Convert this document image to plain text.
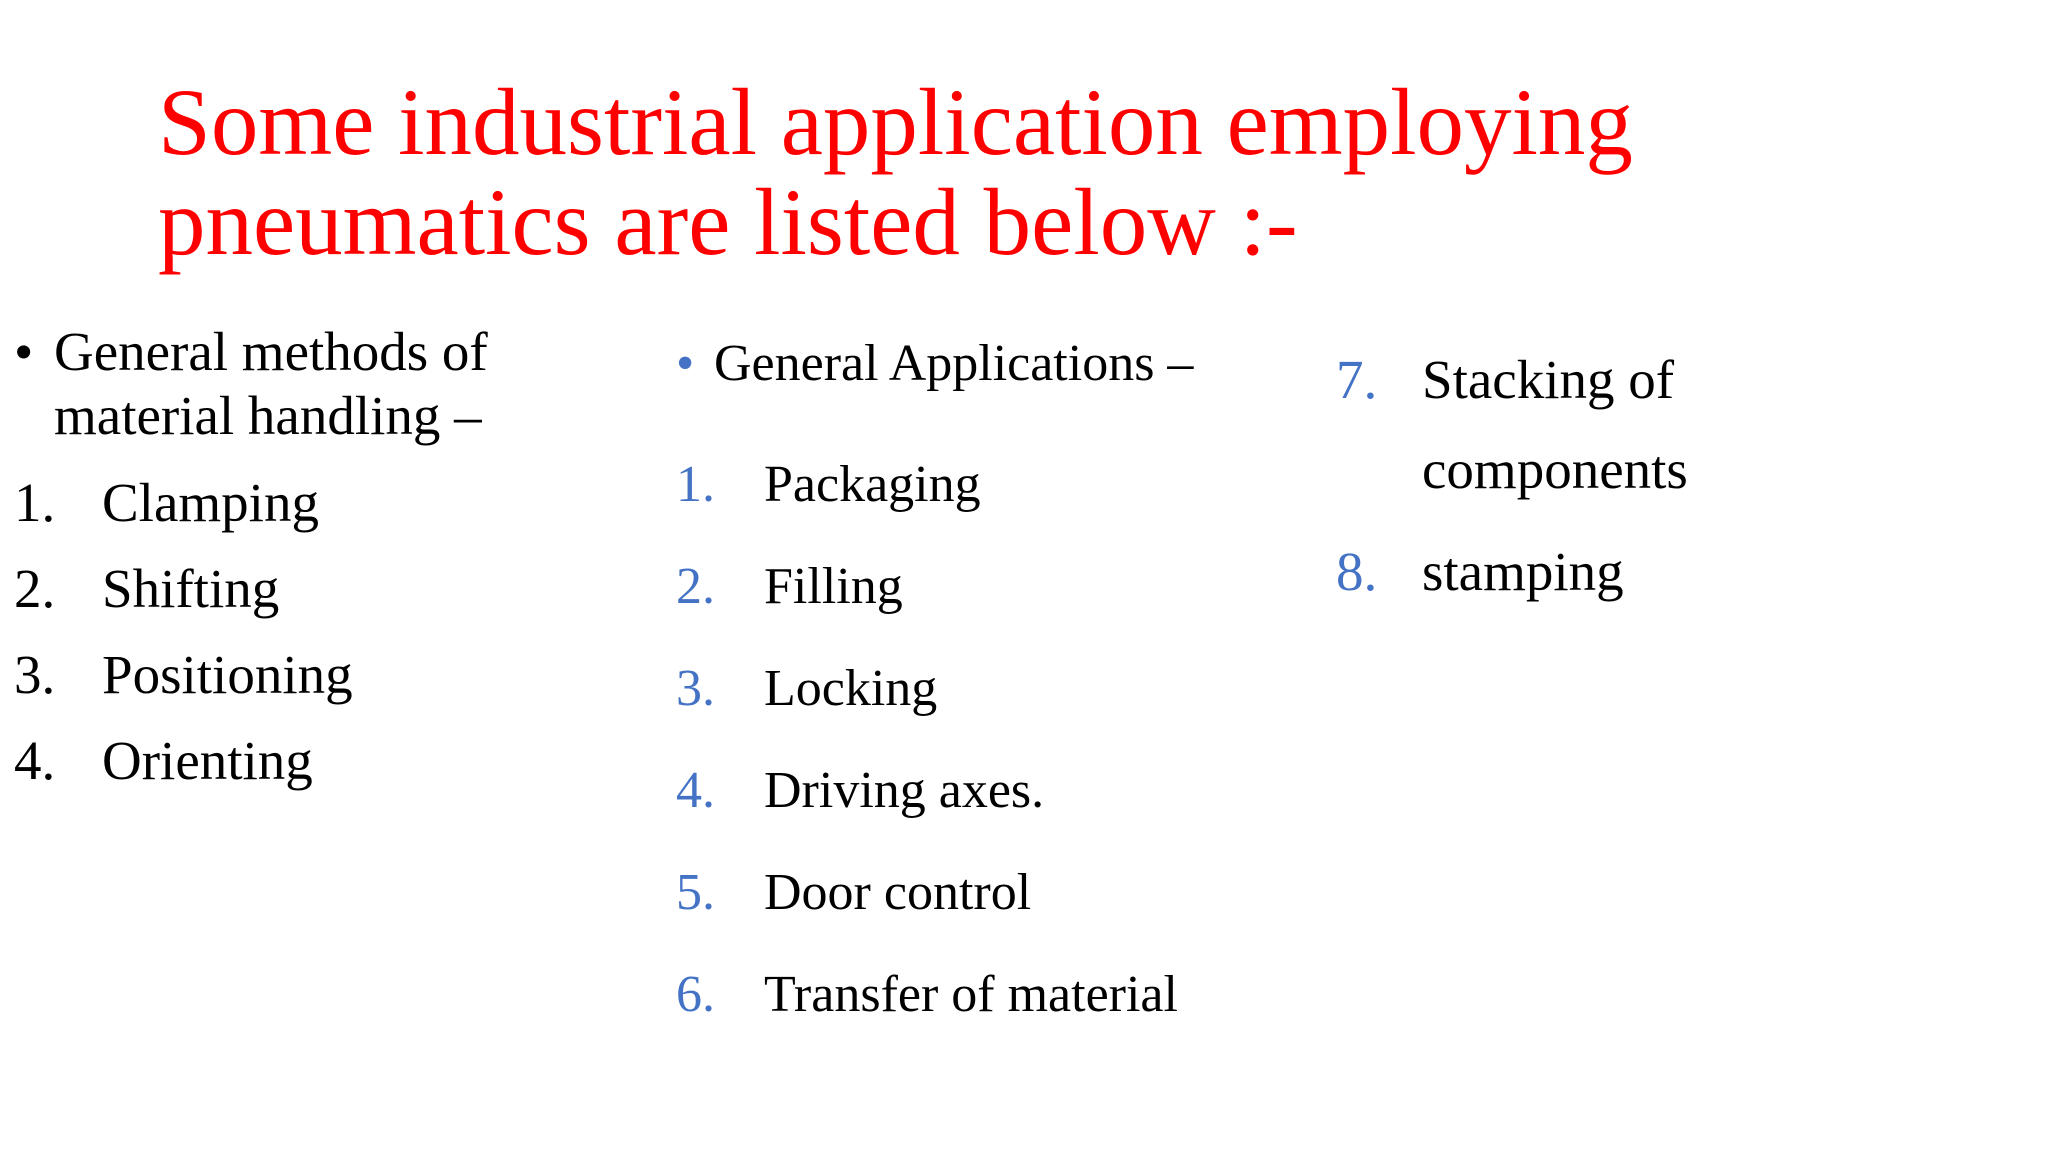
Some industrial application employing
pneumatics are listed below :-
• General methods of
material handling –
1. Clamping
2. Shifting
3. Positioning
4. Orienting
• General Applications –
1. Packaging
2. Filling
3. Locking
4. Driving axes.
5. Door control
6. Transfer of material
7. Stacking of
components
8. stamping
